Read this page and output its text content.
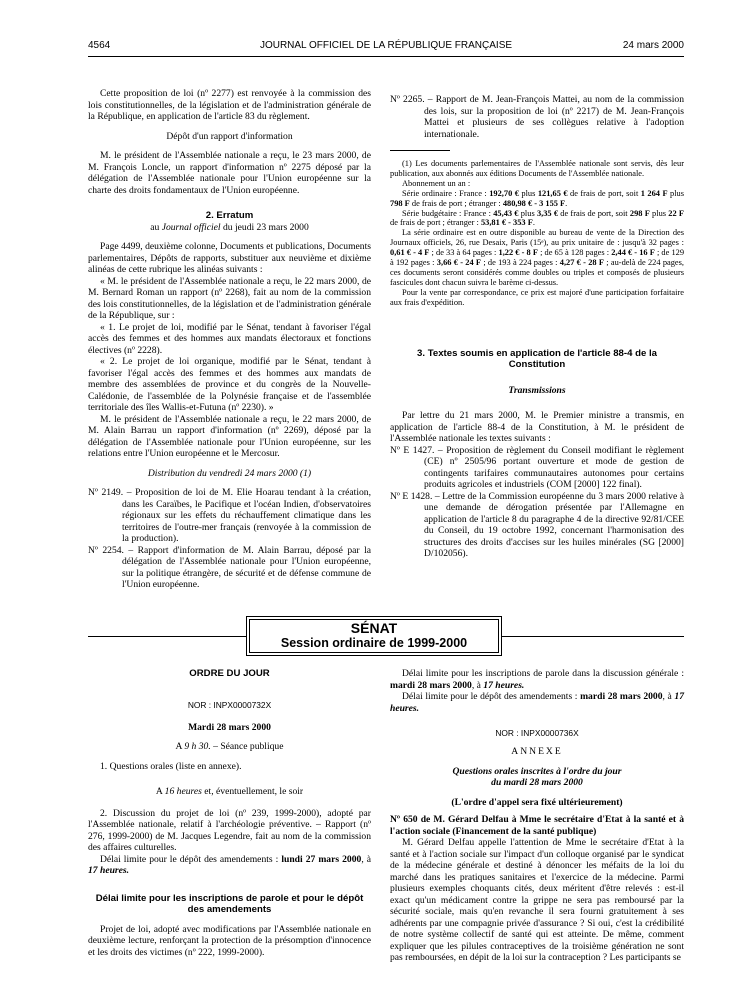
4564	JOURNAL OFFICIEL DE LA RÉPUBLIQUE FRANÇAISE	24 mars 2000

Cette proposition de loi (nº 2277) est renvoyée à la commission des lois constitutionnelles, de la législation et de l'administration générale de la République, en application de l'article 83 du règlement.

Dépôt d'un rapport d'information

M. le président de l'Assemblée nationale a reçu, le 23 mars 2000, de M. François Loncle, un rapport d'information nº 2275 déposé par la délégation de l'Assemblée nationale pour l'Union européenne sur la charte des droits fondamentaux de l'Union européenne.

2. Erratum

au Journal officiel du jeudi 23 mars 2000

Page 4499, deuxième colonne, Documents et publications, Documents parlementaires, Dépôts de rapports, substituer aux neuvième et dixième alinéas de cette rubrique les alinéas suivants :

« M. le président de l'Assemblée nationale a reçu, le 22 mars 2000, de M. Bernard Roman un rapport (nº 2268), fait au nom de la commission des lois constitutionnelles, de la législation et de l'administration générale de la République, sur :

« 1. Le projet de loi, modifié par le Sénat, tendant à favoriser l'égal accès des femmes et des hommes aux mandats électoraux et fonctions électives (nº 2228).

« 2. Le projet de loi organique, modifié par le Sénat, tendant à favoriser l'égal accès des femmes et des hommes aux mandats de membre des assemblées de province et du congrès de la Nouvelle-Calédonie, de l'assemblée de la Polynésie française et de l'assemblée territoriale des îles Wallis-et-Futuna (nº 2230). »

M. le président de l'Assemblée nationale a reçu, le 22 mars 2000, de M. Alain Barrau un rapport d'information (nº 2269), déposé par la délégation de l'Assemblée nationale pour l'Union européenne, sur les relations entre l'Union européenne et le Mercosur.

Distribution du vendredi 24 mars 2000 (1)

Nº 2149. – Proposition de loi de M. Elie Hoarau tendant à la création, dans les Caraïbes, le Pacifique et l'océan Indien, d'observatoires régionaux sur les effets du réchauffement climatique dans les territoires de l'outre-mer français (renvoyée à la commission de la production).

Nº 2254. – Rapport d'information de M. Alain Barrau, déposé par la délégation de l'Assemblée nationale pour l'Union européenne, sur la politique étrangère, de sécurité et de défense commune de l'Union européenne.

Nº 2265. – Rapport de M. Jean-François Mattei, au nom de la commission des lois, sur la proposition de loi (nº 2217) de M. Jean-François Mattei et plusieurs de ses collègues relative à l'adoption internationale.

(1) Les documents parlementaires de l'Assemblée nationale sont servis, dès leur publication, aux abonnés aux éditions Documents de l'Assemblée nationale.

Abonnement un an :

Série ordinaire : France : 192,70 € plus 121,65 € de frais de port, soit 1 264 F plus 798 F de frais de port ; étranger : 480,98 € - 3 155 F.

Série budgétaire : France : 45,43 € plus 3,35 € de frais de port, soit 298 F plus 22 F de frais de port ; étranger : 53,81 € - 353 F.

La série ordinaire est en outre disponible au bureau de vente de la Direction des Journaux officiels, 26, rue Desaix, Paris (15ᵉ), au prix unitaire de : jusqu'à 32 pages : 0,61 € - 4 F ; de 33 à 64 pages : 1,22 € - 8 F ; de 65 à 128 pages : 2,44 € - 16 F ; de 129 à 192 pages : 3,66 € - 24 F ; de 193 à 224 pages : 4,27 € - 28 F ; au-delà de 224 pages, ces documents seront considérés comme doubles ou triples et composés de plusieurs fascicules dont chacun suivra le barème ci-dessus.

Pour la vente par correspondance, ce prix est majoré d'une participation forfaitaire aux frais d'expédition.

3. Textes soumis en application de l'article 88-4 de la Constitution

Transmissions

Par lettre du 21 mars 2000, M. le Premier ministre a transmis, en application de l'article 88-4 de la Constitution, à M. le président de l'Assemblée nationale les textes suivants :

Nº E 1427. – Proposition de règlement du Conseil modifiant le règlement (CE) nº 2505/96 portant ouverture et mode de gestion de contingents tarifaires communautaires autonomes pour certains produits agricoles et industriels (COM [2000] 122 final).

Nº E 1428. – Lettre de la Commission européenne du 3 mars 2000 relative à une demande de dérogation présentée par l'Allemagne en application de l'article 8 du paragraphe 4 de la directive 92/81/CEE du Conseil, du 19 octobre 1992, concernant l'harmonisation des structures des droits d'accises sur les huiles minérales (SG [2000] D/102056).

SÉNAT
Session ordinaire de 1999-2000

ORDRE DU JOUR

NOR : INPX0000732X

Mardi 28 mars 2000

A 9 h 30. – Séance publique

1. Questions orales (liste en annexe).

A 16 heures et, éventuellement, le soir

2. Discussion du projet de loi (nº 239, 1999-2000), adopté par l'Assemblée nationale, relatif à l'archéologie préventive. – Rapport (nº 276, 1999-2000) de M. Jacques Legendre, fait au nom de la commission des affaires culturelles.

Délai limite pour le dépôt des amendements : lundi 27 mars 2000, à 17 heures.

Délai limite pour les inscriptions de parole et pour le dépôt des amendements

Projet de loi, adopté avec modifications par l'Assemblée nationale en deuxième lecture, renforçant la protection de la présomption d'innocence et les droits des victimes (nº 222, 1999-2000).

Délai limite pour les inscriptions de parole dans la discussion générale : mardi 28 mars 2000, à 17 heures.

Délai limite pour le dépôt des amendements : mardi 28 mars 2000, à 17 heures.

NOR : INPX0000736X

ANNEXE

Questions orales inscrites à l'ordre du jour

du mardi 28 mars 2000

(L'ordre d'appel sera fixé ultérieurement)

Nº 650 de M. Gérard Delfau à Mme le secrétaire d'Etat à la santé et à l'action sociale (Financement de la santé publique)

M. Gérard Delfau appelle l'attention de Mme le secrétaire d'Etat à la santé et à l'action sociale sur l'impact d'un colloque organisé par le syndicat de la médecine générale et destiné à dénoncer les méfaits de la loi du marché dans les pratiques sanitaires et l'exercice de la médecine. Parmi plusieurs exemples choquants cités, deux méritent d'être relevés : est-il exact qu'un médicament contre la grippe ne sera pas remboursé par la sécurité sociale, mais qu'en revanche il sera fourni gratuitement à ses adhérents par une compagnie privée d'assurance ? Si oui, c'est la crédibilité de notre système collectif de santé qui est atteinte. De même, comment expliquer que les pilules contraceptives de la troisième génération ne sont pas remboursées, en dépit de la loi sur la contraception ? Les participants se
